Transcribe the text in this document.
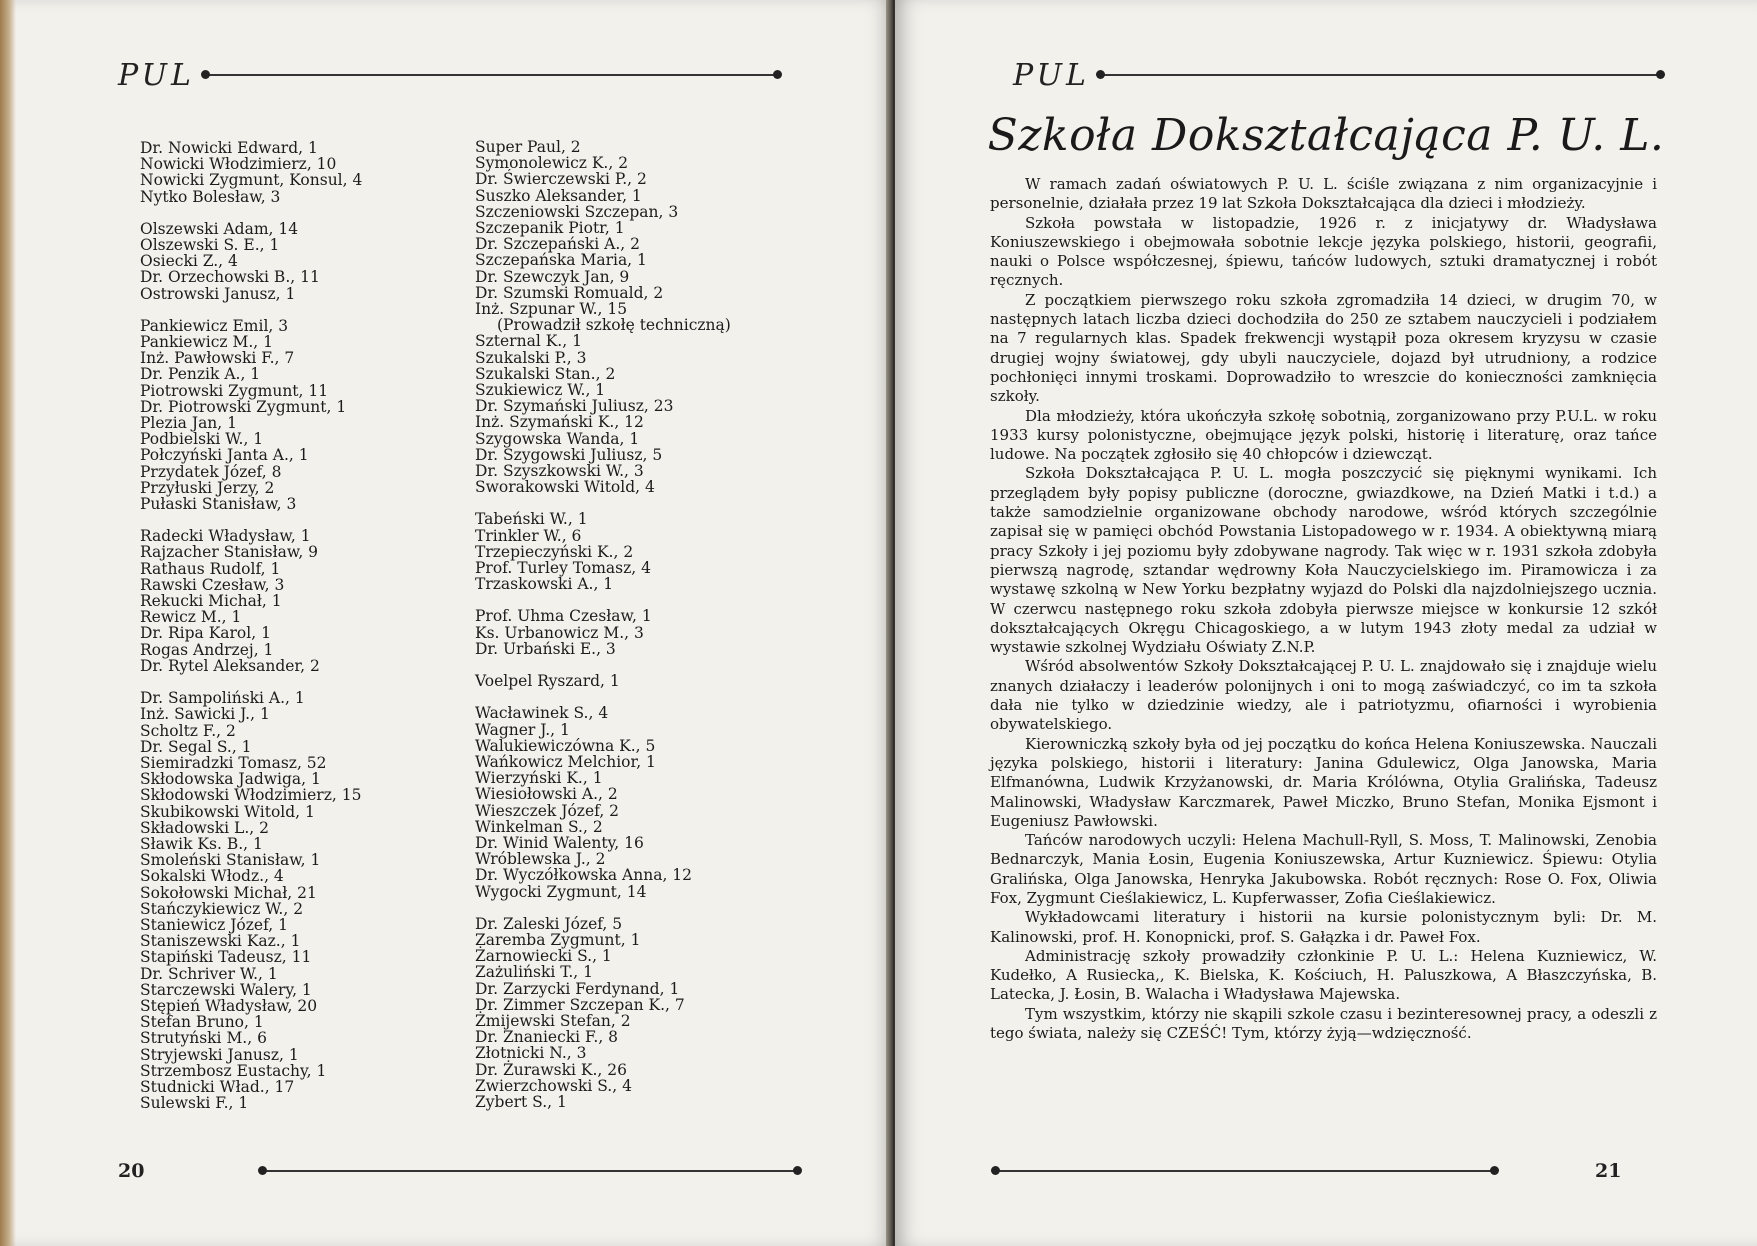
PUL
Dr. Nowicki Edward, 1
Nowicki Włodzimierz, 10
Nowicki Zygmunt, Konsul, 4
Nytko Bolesław, 3
Olszewski Adam, 14
Olszewski S. E., 1
Osiecki Z., 4
Dr. Orzechowski B., 11
Ostrowski Janusz, 1
Pankiewicz Emil, 3
Pankiewicz M., 1
Inż. Pawłowski F., 7
Dr. Penzik A., 1
Piotrowski Zygmunt, 11
Dr. Piotrowski Zygmunt, 1
Plezia Jan, 1
Podbielski W., 1
Połczyński Janta A., 1
Przydatek Józef, 8
Przyłuski Jerzy, 2
Pułaski Stanisław, 3
Radecki Władysław, 1
Rajzacher Stanisław, 9
Rathaus Rudolf, 1
Rawski Czesław, 3
Rekucki Michał, 1
Rewicz M., 1
Dr. Ripa Karol, 1
Rogas Andrzej, 1
Dr. Rytel Aleksander, 2
Dr. Sampoliński A., 1
Inż. Sawicki J., 1
Scholtz F., 2
Dr. Segal S., 1
Siemiradzki Tomasz, 52
Skłodowska Jadwiga, 1
Skłodowski Włodzimierz, 15
Skubikowski Witold, 1
Składowski L., 2
Sławik Ks. B., 1
Smoleński Stanisław, 1
Sokalski Włodz., 4
Sokołowski Michał, 21
Stańczykiewicz W., 2
Staniewicz Józef, 1
Staniszewski Kaz., 1
Stapiński Tadeusz, 11
Dr. Schriver W., 1
Starczewski Walery, 1
Stępień Władysław, 20
Stefan Bruno, 1
Strutyński M., 6
Stryjewski Janusz, 1
Strzembosz Eustachy, 1
Studnicki Wład., 17
Sulewski F., 1
Super Paul, 2
Symonolewicz K., 2
Dr. Świerczewski P., 2
Suszko Aleksander, 1
Szczeniowski Szczepan, 3
Szczepanik Piotr, 1
Dr. Szczepański A., 2
Szczepańska Maria, 1
Dr. Szewczyk Jan, 9
Dr. Szumski Romuald, 2
Inż. Szpunar W., 15
(Prowadził szkołę techniczną)
Szternal K., 1
Szukalski P., 3
Szukalski Stan., 2
Szukiewicz W., 1
Dr. Szymański Juliusz, 23
Inż. Szymański K., 12
Szygowska Wanda, 1
Dr. Szygowski Juliusz, 5
Dr. Szyszkowski W., 3
Sworakowski Witold, 4
Tabeński W., 1
Trinkler W., 6
Trzepieczyński K., 2
Prof. Turley Tomasz, 4
Trzaskowski A., 1
Prof. Uhma Czesław, 1
Ks. Urbanowicz M., 3
Dr. Urbański E., 3
Voelpel Ryszard, 1
Wacławinek S., 4
Wagner J., 1
Walukiewiczówna K., 5
Wańkowicz Melchior, 1
Wierzyński K., 1
Wiesiołowski A., 2
Wieszczek Józef, 2
Winkelman S., 2
Dr. Winid Walenty, 16
Wróblewska J., 2
Dr. Wyczółkowska Anna, 12
Wygocki Zygmunt, 14
Dr. Zaleski Józef, 5
Zaremba Zygmunt, 1
Żarnowiecki S., 1
Zażuliński T., 1
Dr. Zarzycki Ferdynand, 1
Dr. Zimmer Szczepan K., 7
Żmijewski Stefan, 2
Dr. Znaniecki F., 8
Złotnicki N., 3
Dr. Żurawski K., 26
Zwierzchowski S., 4
Zybert S., 1
20
PUL
Szkoła Dokształcająca P. U. L.

W ramach zadań oświatowych P. U. L. ściśle związana z nim organizacyjnie i personelnie, działała przez 19 lat Szkoła Dokształcająca dla dzieci i młodzieży.

Szkoła powstała w listopadzie, 1926 r. z inicjatywy dr. Władysława Koniuszewskiego i obejmowała sobotnie lekcje języka polskiego, historii, geografii, nauki o Polsce współczesnej, śpiewu, tańców ludowych, sztuki dramatycznej i robót ręcznych.

Z początkiem pierwszego roku szkoła zgromadziła 14 dzieci, w drugim 70, w następnych latach liczba dzieci dochodziła do 250 ze sztabem nauczycieli i podziałem na 7 regularnych klas. Spadek frekwencji wystąpił poza okresem kryzysu w czasie drugiej wojny światowej, gdy ubyli nauczyciele, dojazd był utrudniony, a rodzice pochłonięci innymi troskami. Doprowadziło to wreszcie do konieczności zamknięcia szkoły.

Dla młodzieży, która ukończyła szkołę sobotnią, zorganizowano przy P.U.L. w roku 1933 kursy polonistyczne, obejmujące język polski, historię i literaturę, oraz tańce ludowe. Na początek zgłosiło się 40 chłopców i dziewcząt.

Szkoła Dokształcająca P. U. L. mogła poszczycić się pięknymi wynikami. Ich przeglądem były popisy publiczne (doroczne, gwiazdkowe, na Dzień Matki i t.d.) a także samodzielnie organizowane obchody narodowe, wśród których szczególnie zapisał się w pamięci obchód Powstania Listopadowego w r. 1934. A obiektywną miarą pracy Szkoły i jej poziomu były zdobywane nagrody. Tak więc w r. 1931 szkoła zdobyła pierwszą nagrodę, sztandar wędrowny Koła Nauczycielskiego im. Piramowicza i za wystawę szkolną w New Yorku bezpłatny wyjazd do Polski dla najzdolniejszego ucznia. W czerwcu następnego roku szkoła zdobyła pierwsze miejsce w konkursie 12 szkół dokształcających Okręgu Chicagoskiego, a w lutym 1943 złoty medal za udział w wystawie szkolnej Wydziału Oświaty Z.N.P.

Wśród absolwentów Szkoły Dokształcającej P. U. L. znajdowało się i znajduje wielu znanych działaczy i leaderów polonijnych i oni to mogą zaświadczyć, co im ta szkoła dała nie tylko w dziedzinie wiedzy, ale i patriotyzmu, ofiarności i wyrobienia obywatelskiego.

Kierowniczką szkoły była od jej początku do końca Helena Koniuszewska. Nauczali języka polskiego, historii i literatury: Janina Gdulewicz, Olga Janowska, Maria Elfmanówna, Ludwik Krzyżanowski, dr. Maria Królówna, Otylia Gralińska, Tadeusz Malinowski, Władysław Karczmarek, Paweł Miczko, Bruno Stefan, Monika Ejsmont i Eugeniusz Pawłowski.

Tańców narodowych uczyli: Helena Machull-Ryll, S. Moss, T. Malinowski, Zenobia Bednarczyk, Mania Łosin, Eugenia Koniuszewska, Artur Kuzniewicz. Śpiewu: Otylia Gralińska, Olga Janowska, Henryka Jakubowska. Robót ręcznych: Rose O. Fox, Oliwia Fox, Zygmunt Cieślakiewicz, L. Kupferwasser, Zofia Cieślakiewicz.

Wykładowcami literatury i historii na kursie polonistycznym byli: Dr. M. Kalinowski, prof. H. Konopnicki, prof. S. Gałązka i dr. Paweł Fox.

Administrację szkoły prowadziły członkinie P. U. L.: Helena Kuzniewicz, W. Kudełko, A Rusiecka,, K. Bielska, K. Kościuch, H. Paluszkowa, A Błaszczyńska, B. Latecka, J. Łosin, B. Walacha i Władysława Majewska.

Tym wszystkim, którzy nie skąpili szkole czasu i bezinteresownej pracy, a odeszli z tego świata, należy się CZEŚĆ! Tym, którzy żyją—wdzięczność.

21
